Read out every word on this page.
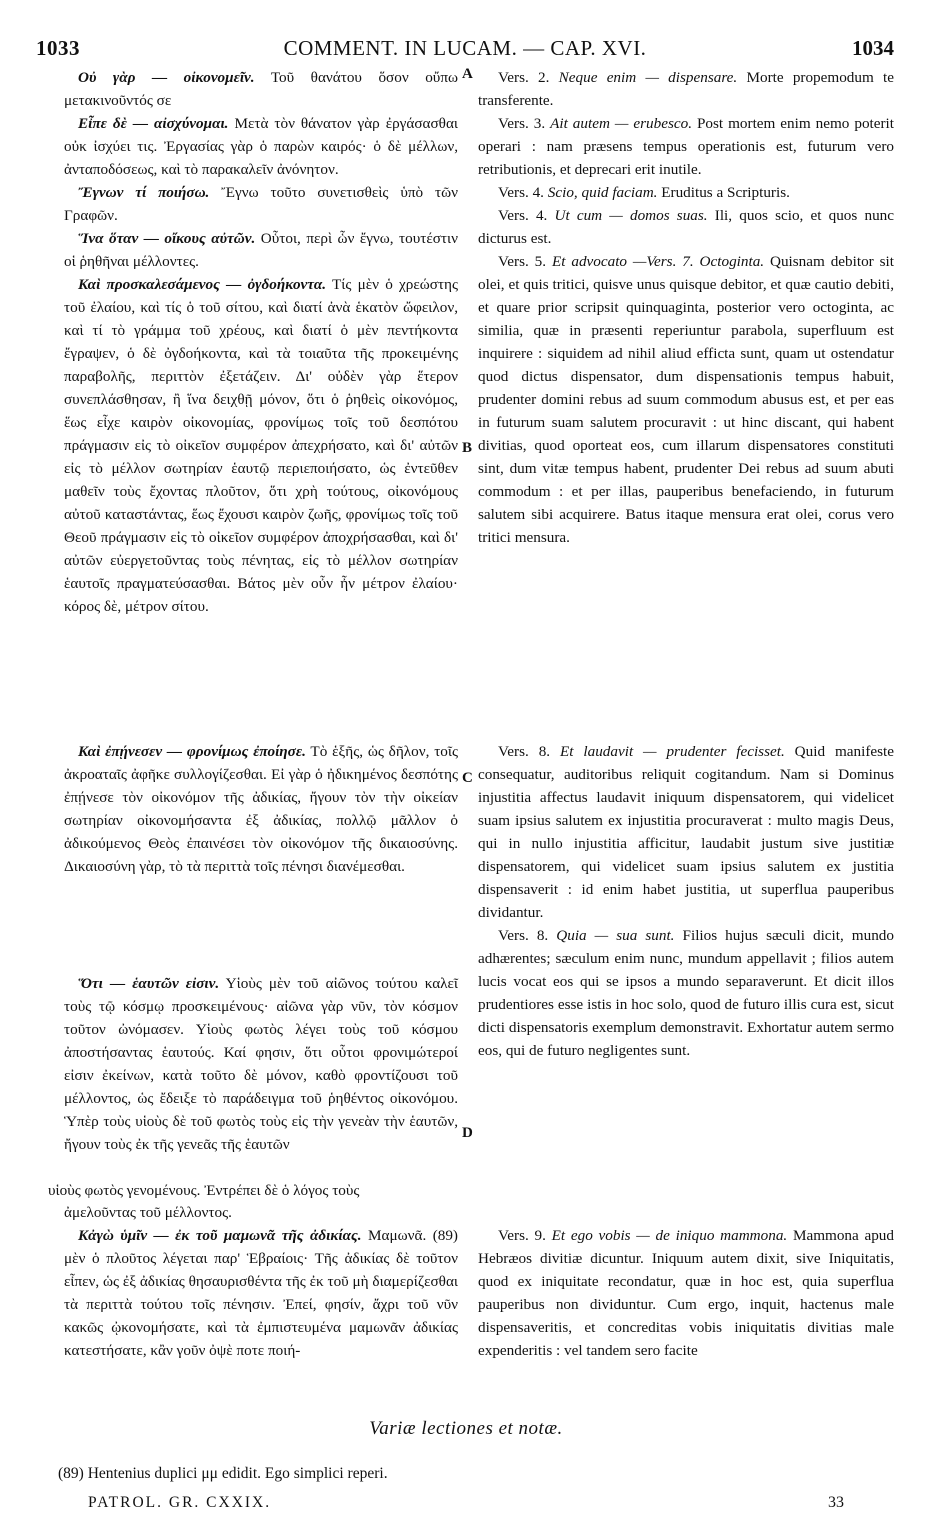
1033	COMMENT. IN LUCAM. — CAP. XVI.	1034
A
B
C
D

Οὐ γὰρ — οἰκονομεῖν. Τοῦ θανάτου ὅσον οὔπω μετακινοῦντός σε

Εἶπε δὲ — αἰσχύνομαι. Μετὰ τὸν θάνατον γὰρ ἐργάσασθαι οὐκ ἰσχύει τις. Ἐργασίας γὰρ ὁ παρὼν καιρός· ὁ δὲ μέλλων, ἀνταποδόσεως, καὶ τὸ παρακαλεῖν ἀνόνητον.

Ἔγνων τί ποιήσω. Ἔγνω τοῦτο συνετισθεὶς ὑπὸ τῶν Γραφῶν.

Ἵνα ὅταν — οἴκους αὐτῶν. Οὗτοι, περὶ ὧν ἔγνω, τουτέστιν οἱ ῥηθῆναι μέλλοντες.

Καὶ προσκαλεσάμενος — ὀγδοήκοντα. Τίς μὲν ὁ χρεώστης τοῦ ἐλαίου, καὶ τίς ὁ τοῦ σίτου, καὶ διατί ἀνὰ ἑκατὸν ὤφειλον, καὶ τί τὸ γράμμα τοῦ χρέους, καὶ διατί ὁ μὲν πεντήκοντα ἔγραψεν, ὁ δὲ ὀγδοήκοντα, καὶ τὰ τοιαῦτα τῆς προκειμένης παραβολῆς, περιττὸν ἐξετάζειν. Δι' οὐδὲν γὰρ ἕτερον συνεπλάσθησαν, ἢ ἵνα δειχθῇ μόνον, ὅτι ὁ ῥηθεὶς οἰκονόμος, ἕως εἶχε καιρὸν οἰκονομίας, φρονίμως τοῖς τοῦ δεσπότου πράγμασιν εἰς τὸ οἰκεῖον συμφέρον ἀπεχρήσατο, καὶ δι' αὐτῶν εἰς τὸ μέλλον σωτηρίαν ἑαυτῷ περιεποιήσατο, ὡς ἐντεῦθεν μαθεῖν τοὺς ἔχοντας πλοῦτον, ὅτι χρὴ τούτους, οἰκονόμους αὐτοῦ καταστάντας, ἕως ἔχουσι καιρὸν ζωῆς, φρονίμως τοῖς τοῦ Θεοῦ πράγμασιν εἰς τὸ οἰκεῖον συμφέρον ἀποχρήσασθαι, καὶ δι' αὐτῶν εὐεργετοῦντας τοὺς πένητας, εἰς τὸ μέλλον σωτηρίαν ἑαυτοῖς πραγματεύσασθαι. Βάτος μὲν οὖν ἦν μέτρον ἐλαίου· κόρος δὲ, μέτρον σίτου.

Καὶ ἐπῄνεσεν — φρονίμως ἐποίησε. Τὸ ἑξῆς, ὡς δῆλον, τοῖς ἀκροαταῖς ἀφῆκε συλλογίζεσθαι. Εἰ γὰρ ὁ ἠδικημένος δεσπότης ἐπῄνεσε τὸν οἰκονόμον τῆς ἀδικίας, ἤγουν τὸν τὴν οἰκείαν σωτηρίαν οἰκονομήσαντα ἐξ ἀδικίας, πολλῷ μᾶλλον ὁ ἀδικούμενος Θεὸς ἐπαινέσει τὸν οἰκονόμον τῆς δικαιοσύνης. Δικαιοσύνη γὰρ, τὸ τὰ περιττὰ τοῖς πένησι διανέμεσθαι.

Ὅτι — ἑαυτῶν εἰσιν. Υἱοὺς μὲν τοῦ αἰῶνος τούτου καλεῖ τοὺς τῷ κόσμῳ προσκειμένους· αἰῶνα γὰρ νῦν, τὸν κόσμον τοῦτον ὠνόμασεν. Υἱοὺς φωτὸς λέγει τοὺς τοῦ κόσμου ἀποστήσαντας ἑαυτούς. Καί φησιν, ὅτι οὗτοι φρονιμώτεροί εἰσιν ἐκείνων, κατὰ τοῦτο δὲ μόνον, καθὸ φροντίζουσι τοῦ μέλλοντος, ὡς ἔδειξε τὸ παράδειγμα τοῦ ῥηθέντος οἰκονόμου. Ὑπὲρ τοὺς υἱοὺς δὲ τοῦ φωτὸς τοὺς εἰς τὴν γενεὰν τὴν ἑαυτῶν, ἤγουν τοὺς ἐκ τῆς γενεᾶς τῆς ἑαυτῶν

υἱοὺς φωτὸς γενομένους. Ἐντρέπει δὲ ὁ λόγος τοὺς

ἀμελοῦντας τοῦ μέλλοντος.

Κἀγὼ ὑμῖν — ἐκ τοῦ μαμωνᾶ τῆς ἀδικίας. Μαμωνᾶ. (89) μὲν ὁ πλοῦτος λέγεται παρ' Ἑβραίοις· Τῆς ἀδικίας δὲ τοῦτον εἶπεν, ὡς ἐξ ἀδικίας θησαυρισθέντα τῆς ἐκ τοῦ μὴ διαμερίζεσθαι τὰ περιττὰ τούτου τοῖς πένησιν. Ἐπεί, φησίν, ἄχρι τοῦ νῦν κακῶς ᾠκονομήσατε, καὶ τὰ ἐμπιστευμένα μαμωνᾶν ἀδικίας κατεστήσατε, κἂν γοῦν ὀψὲ ποτε ποιή-

Vers. 2. Neque enim — dispensare. Morte propemodum te transferente.

Vers. 3. Ait autem — erubesco. Post mortem enim nemo poterit operari : nam præsens tempus operationis est, futurum vero retributionis, et deprecari erit inutile.

Vers. 4. Scio, quid faciam. Eruditus a Scripturis.

Vers. 4. Ut cum — domos suas. Ili, quos scio, et quos nunc dicturus est.

Vers. 5. Et advocato —Vers. 7. Octoginta. Quisnam debitor sit olei, et quis tritici, quisve unus quisque debitor, et quæ cautio debiti, et quare prior scripsit quinquaginta, posterior vero octoginta, ac similia, quæ in præsenti reperiuntur parabola, superfluum est inquirere : siquidem ad nihil aliud efficta sunt, quam ut ostendatur quod dictus dispensator, dum dispensationis tempus habuit, prudenter domini rebus ad suum commodum abusus est, et per eas in futurum suam salutem procuravit : ut hinc discant, qui habent divitias, quod oporteat eos, cum illarum dispensatores constituti sint, dum vitæ tempus habent, prudenter Dei rebus ad suum abuti commodum : et per illas, pauperibus benefaciendo, in futurum salutem sibi acquirere. Batus itaque mensura erat olei, corus vero tritici mensura.

Vers. 8. Et laudavit — prudenter fecisset. Quid manifeste consequatur, auditoribus reliquit cogitandum. Nam si Dominus injustitia affectus laudavit iniquum dispensatorem, qui videlicet suam ipsius salutem ex injustitia procuraverat : multo magis Deus, qui in nullo injustitia afficitur, laudabit justum sive justitiæ dispensatorem, qui videlicet suam ipsius salutem ex justitia dispensaverit : id enim habet justitia, ut superflua pauperibus dividantur.

Vers. 8. Quia — sua sunt. Filios hujus sæculi dicit, mundo adhærentes; sæculum enim nunc, mundum appellavit ; filios autem lucis vocat eos qui se ipsos a mundo separaverunt. Et dicit illos prudentiores esse istis in hoc solo, quod de futuro illis cura est, sicut dicti dispensatoris exemplum demonstravit. Exhortatur autem sermo eos, qui de futuro negligentes sunt.

Vers. 9. Et ego vobis — de iniquo mammona. Mammona apud Hebræos divitiæ dicuntur. Iniquum autem dixit, sive Iniquitatis, quod ex iniquitate recondatur, quæ in hoc est, quia superflua pauperibus non dividuntur. Cum ergo, inquit, hactenus male dispensaveritis, et concreditas vobis iniquitatis divitias male expenderitis : vel tandem sero facite

Variæ lectiones et notæ.
(89) Hentenius duplici μμ edidit. Ego simplici reperi.
PATROL. GR. CXXIX.	33
